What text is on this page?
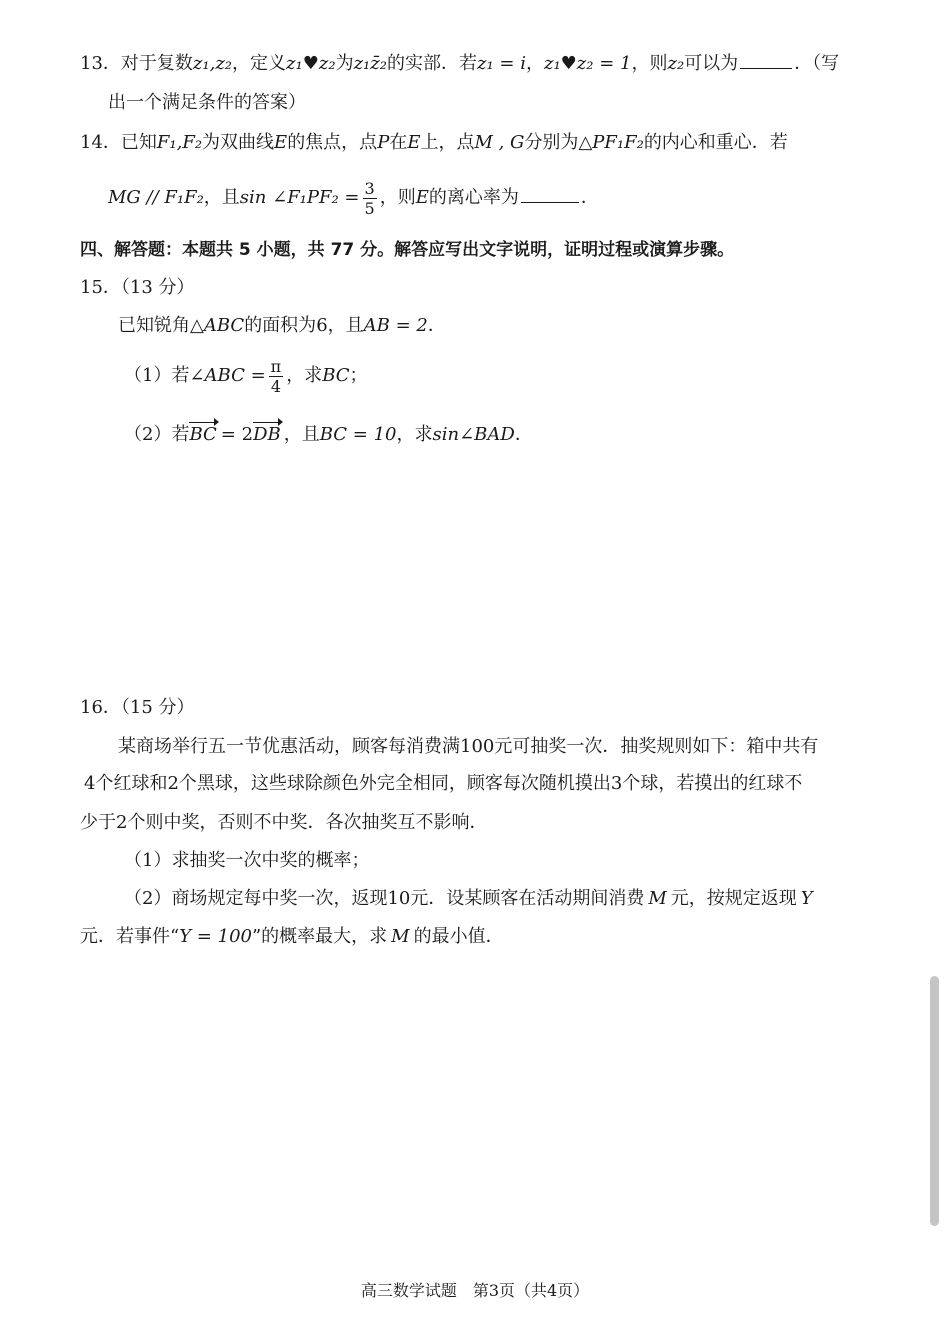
13．对于复数z₁,z₂，定义z₁♥z₂为z₁z̄₂的实部．若z₁ = i，z₁♥z₂ = 1，则z₂可以为	．（写
出一个满足条件的答案）
14．已知F₁,F₂为双曲线E的焦点，点P在E上，点M , G分别为△PF₁F₂的内心和重心．若
MG // F₁F₂，且sin ∠F₁PF₂ = $\frac{3}{5}$ ，则E的离心率为	．
四、解答题：本题共 5 小题，共 77 分。解答应写出文字说明，证明过程或演算步骤。
15．（13 分）
已知锐角△ABC的面积为6，且AB = 2．
（1）若∠ABC = $\frac{\pi}{4}$ ，求BC；
（2）若BC = 2DB ，且BC = 10，求sin∠BAD．
16．（15 分）
某商场举行五一节优惠活动，顾客每消费满100元可抽奖一次．抽奖规则如下：箱中共有
4个红球和2个黑球，这些球除颜色外完全相同，顾客每次随机摸出3个球，若摸出的红球不
少于2个则中奖，否则不中奖．各次抽奖互不影响．
（1）求抽奖一次中奖的概率；
（2）商场规定每中奖一次，返现10元．设某顾客在活动期间消费 M 元，按规定返现 Y
元．若事件“Y = 100”的概率最大，求 M 的最小值．
高三数学试题　第3页（共4页）
